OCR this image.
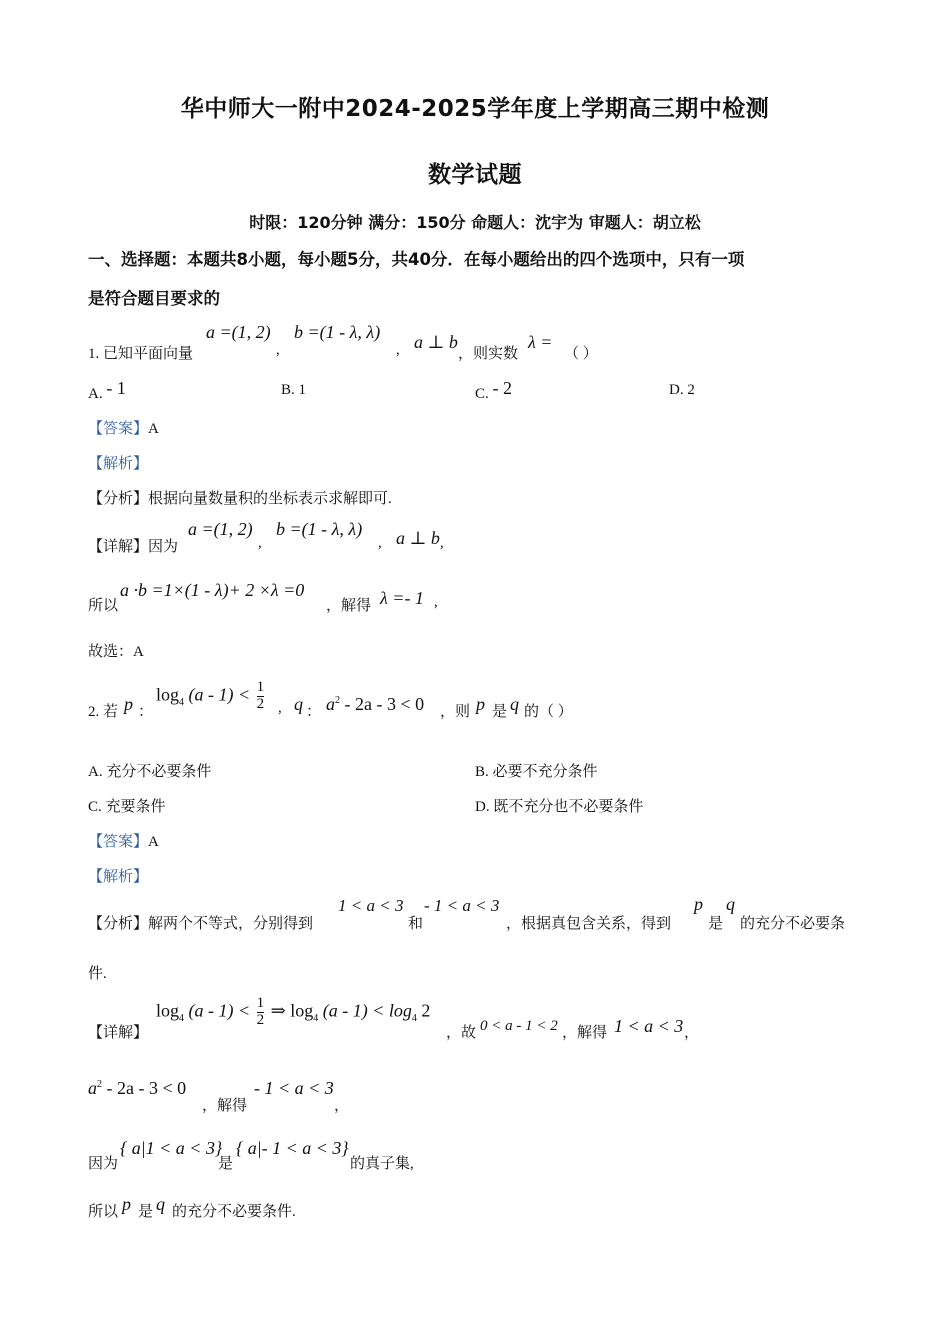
华中师大一附中2024-2025学年度上学期高三期中检测
数学试题
时限：120分钟 满分：150分 命题人：沈宇为 审题人：胡立松
一、选择题：本题共8小题，每小题5分，共40分．在每小题给出的四个选项中，只有一项
是符合题目要求的
1. 已知平面向量
a =(1, 2)
,
b =(1 - λ, λ)
, a ⊥ b
，则实数
λ =
（ ）
A. - 1	B. 1	C. - 2	D. 2
【答案】A
【解析】
【分析】根据向量数量积的坐标表示求解即可.
【详解】因为
a =(1, 2)
,
b =(1 - λ, λ)
, a ⊥ b ,
所以
a ·b =1×(1 - λ)+ 2 ×λ =0
，解得 λ =- 1 ,
故选：A
2. 若 p ：
$\log_4 (a - 1) < \frac{1}{2}$ , q ： $a^2 - 2a - 3 < 0$ ，则 p 是 q 的（ ）
A. 充分不必要条件	B. 必要不充分条件
C. 充要条件	D. 既不充分也不必要条件
【答案】A
【解析】
【分析】解两个不等式，分别得到
1 < a < 3
和
- 1 < a < 3
，根据真包含关系，得到
p
是
q
的充分不必要条
件.
【详解】
$\log_4 (a - 1) < \frac{1}{2}$ ⇒ $\log_4 (a - 1) < \log_4 2$
，故 0 < a - 1 < 2 ，解得 1 < a < 3 ，
$a^2 - 2a - 3 < 0$
，解得
- 1 < a < 3
，
因为
{ a|1 < a < 3}
是
{ a|- 1 < a < 3}
的真子集,
所以 p 是 q 的充分不必要条件.
